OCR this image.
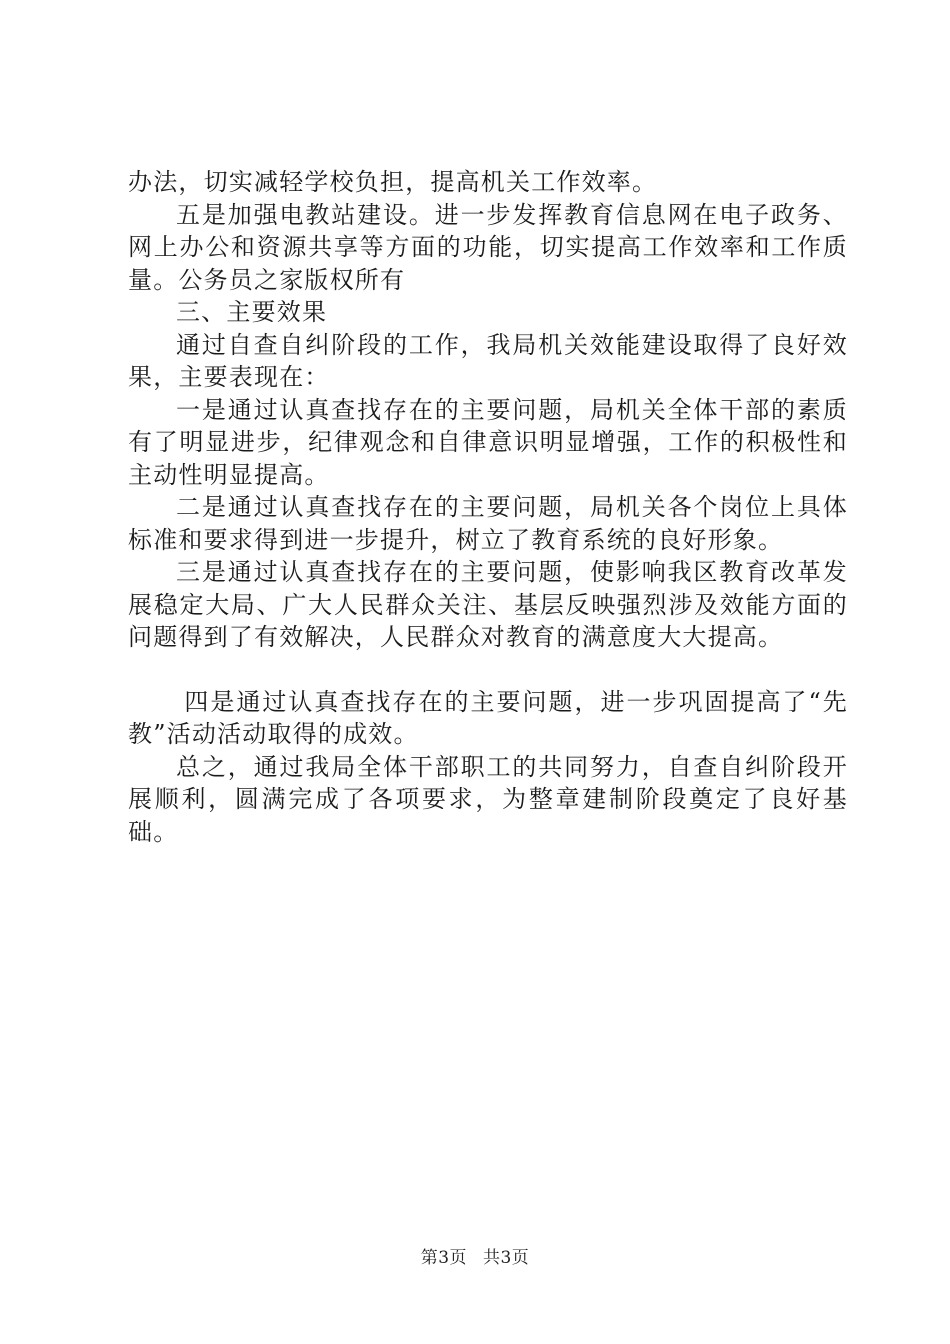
办法，切实减轻学校负担，提高机关工作效率。

五是加强电教站建设。进一步发挥教育信息网在电子政务、网上办公和资源共享等方面的功能，切实提高工作效率和工作质量。公务员之家版权所有

三、主要效果

通过自查自纠阶段的工作，我局机关效能建设取得了良好效果，主要表现在：

一是通过认真查找存在的主要问题，局机关全体干部的素质有了明显进步，纪律观念和自律意识明显增强，工作的积极性和主动性明显提高。

二是通过认真查找存在的主要问题，局机关各个岗位上具体标准和要求得到进一步提升，树立了教育系统的良好形象。

三是通过认真查找存在的主要问题，使影响我区教育改革发展稳定大局、广大人民群众关注、基层反映强烈涉及效能方面的问题得到了有效解决，人民群众对教育的满意度大大提高。

四是通过认真查找存在的主要问题，进一步巩固提高了“先教”活动活动取得的成效。

总之，通过我局全体干部职工的共同努力，自查自纠阶段开展顺利，圆满完成了各项要求，为整章建制阶段奠定了良好基础。

第3页 共3页
